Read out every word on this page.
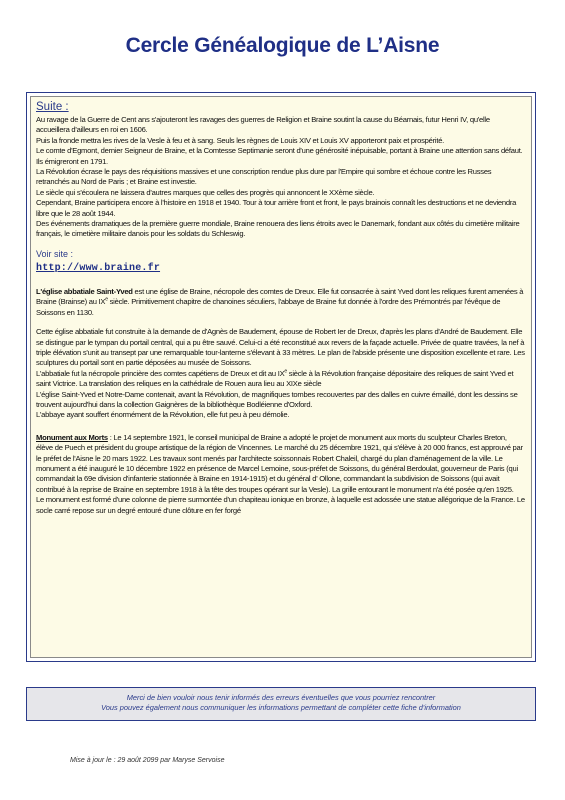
Cercle Généalogique de L’Aisne
Suite :

Au ravage de la Guerre de Cent ans s'ajouteront les ravages des guerres de Religion et Braine soutint la cause du Béarnais, futur Henri IV, qu'elle accueillera d'ailleurs en roi en 1606.

Puis la fronde mettra les rives de la Vesle à feu et à sang. Seuls les règnes de Louis XIV et Louis XV apporteront paix et prospérité.

Le comte d'Egmont, dernier Seigneur de Braine, et la Comtesse Septimanie seront d'une générosité inépuisable, portant à Braine une attention sans défaut. Ils émigreront en 1791.

La Révolution écrase le pays des réquisitions massives et une conscription rendue plus dure par l'Empire qui sombre et échoue contre les Russes retranchés au Nord de Paris ; et Braine est investie.

Le siècle qui s'écoulera ne laissera d'autres marques que celles des progrès qui annoncent le XXème siècle.

Cependant, Braine participera encore à l'histoire en 1918 et 1940. Tour à tour arrière front et front, le pays brainois connaît les destructions et ne deviendra libre que le 28 août 1944.

Des événements dramatiques de la première guerre mondiale, Braine renouera des liens étroits avec le Danemark, fondant aux côtés du cimetière militaire français, le cimetière militaire danois pour les soldats du Schleswig.

Voir site :
http://www.braine.fr

L'église abbatiale Saint-Yved est une église de Braine, nécropole des comtes de Dreux. Elle fut consacrée à saint Yved dont les reliques furent amenées à Braine (Brainse) au IXe siècle. Primitivement chapitre de chanoines séculiers, l'abbaye de Braine fut donnée à l'ordre des Prémontrés par l'évêque de Soissons en 1130.

Cette église abbatiale fut construite à la demande de d'Agnès de Baudement, épouse de Robert Ier de Dreux, d'après les plans d'André de Baudement. Elle se distingue par le tympan du portail central, qui a pu être sauvé. Celui-ci a été reconstitué aux revers de la façade actuelle. Privée de quatre travées, la nef à triple élévation s'unit au transept par une remarquable tour-lanterne s'élevant à 33 mètres. Le plan de l'abside présente une disposition excellente et rare. Les sculptures du portail sont en partie déposées au musée de Soissons.

L'abbatiale fut la nécropole princière des comtes capétiens de Dreux et dit au IXe siècle à la Révolution française dépositaire des reliques de saint Yved et saint Victrice. La translation des reliques en la cathédrale de Rouen aura lieu au XIXe siècle

L'église Saint-Yved et Notre-Dame contenait, avant la Révolution, de magnifiques tombes recouvertes par des dalles en cuivre émaillé, dont les dessins se trouvent aujourd'hui dans la collection Gaignères de la bibliothèque Bodléienne d'Oxford.

L'abbaye ayant souffert énormément de la Révolution, elle fut peu à peu démolie.

Monument aux Morts : Le 14 septembre 1921, le conseil municipal de Braine a adopté le projet de monument aux morts du sculpteur Charles Breton, élève de Puech et président du groupe artistique de la région de Vincennes. Le marché du 25 décembre 1921, qui s'élève à 20 000 francs, est approuvé par le préfet de l'Aisne le 20 mars 1922. Les travaux sont menés par l'architecte soissonnais Robert Chaleil, chargé du plan d'aménagement de la ville. Le monument a été inauguré le 10 décembre 1922 en présence de Marcel Lemoine, sous-préfet de Soissons, du général Berdoulat, gouverneur de Paris (qui commandait la 69e division d'infanterie stationnée à Braine en 1914-1915) et du général d' Ollone, commandant la subdivision de Soissons (qui avait contribué à la reprise de Braine en septembre 1918 à la tête des troupes opérant sur la Vesle). La grille entourant le monument n'a été posée qu'en 1925.

Le monument est formé d'une colonne de pierre surmontée d'un chapiteau ionique en bronze, à laquelle est adossée une statue allégorique de la France. Le socle carré repose sur un degré entouré d'une clôture en fer forgé

Merci de bien vouloir nous tenir informés des erreurs éventuelles que vous pourriez rencontrer
Vous pouvez également nous communiquer les informations permettant de compléter cette fiche d'information
Mise à jour le : 29 août 2099 par Maryse Servoise
